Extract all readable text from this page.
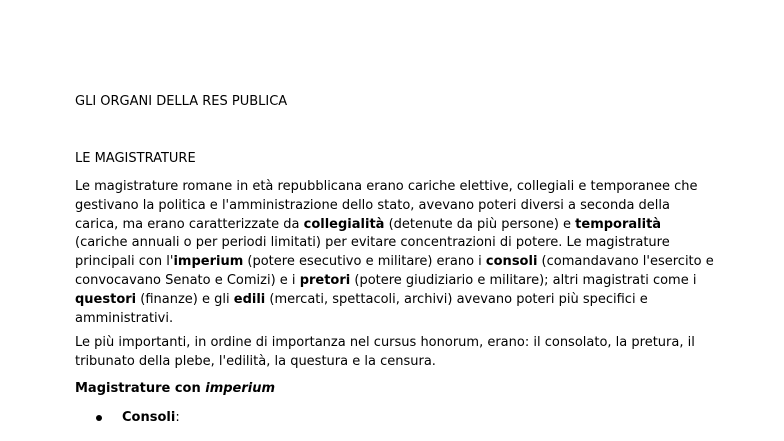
GLI ORGANI DELLA RES PUBLICA
LE MAGISTRATURE
Le magistrature romane in età repubblicana erano cariche elettive, collegiali e temporanee che gestivano la politica e l'amministrazione dello stato, avevano poteri diversi a seconda della carica, ma erano caratterizzate da collegialità (detenute da più persone) e temporalità (cariche annuali o per periodi limitati) per evitare concentrazioni di potere. Le magistrature principali con l'imperium (potere esecutivo e militare) erano i consoli (comandavano l'esercito e convocavano Senato e Comizi) e i pretori (potere giudiziario e militare); altri magistrati come i questori (finanze) e gli edili (mercati, spettacoli, archivi) avevano poteri più specifici e amministrativi.
Le più importanti, in ordine di importanza nel cursus honorum, erano: il consolato, la pretura, il tribunato della plebe, l'edilità, la questura e la censura.
Magistrature con imperium
Consoli:
